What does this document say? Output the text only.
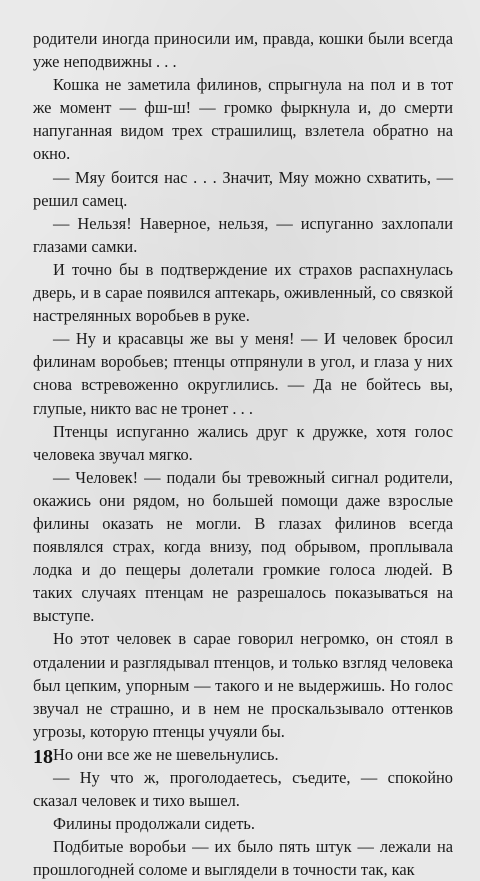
родители иногда приносили им, правда, кошки были всегда уже неподвижны . . .

Кошка не заметила филинов, спрыгнула на пол и в тот же момент — фш-ш! — громко фыркнула и, до смерти напуганная видом трех страшилищ, взлетела обратно на окно.

— Мяу боится нас . . . Значит, Мяу можно схватить, — решил самец.

— Нельзя! Наверное, нельзя, — испуганно захлопали глазами самки.

И точно бы в подтверждение их страхов распахнулась дверь, и в сарае появился аптекарь, оживленный, со связкой настрелянных воробьев в руке.

— Ну и красавцы же вы у меня! — И человек бросил филинам воробьев; птенцы отпрянули в угол, и глаза у них снова встревоженно округлились. — Да не бойтесь вы, глупые, никто вас не тронет . . .

Птенцы испуганно жались друг к дружке, хотя голос человека звучал мягко.

— Человек! — подали бы тревожный сигнал родители, окажись они рядом, но большей помощи даже взрослые филины оказать не могли. В глазах филинов всегда появлялся страх, когда внизу, под обрывом, проплывала лодка и до пещеры долетали громкие голоса людей. В таких случаях птенцам не разрешалось показываться на выступе.

Но этот человек в сарае говорил негромко, он стоял в отдалении и разглядывал птенцов, и только взгляд человека был цепким, упорным — такого и не выдержишь. Но голос звучал не страшно, и в нем не проскальзывало оттенков угрозы, которую птенцы учуяли бы.

Но они все же не шевельнулись.

— Ну что ж, проголодаетесь, съедите, — спокойно сказал человек и тихо вышел.

Филины продолжали сидеть.

Подбитые воробьи — их было пять штук — лежали на прошлогодней соломе и выглядели в точности так, как

18
